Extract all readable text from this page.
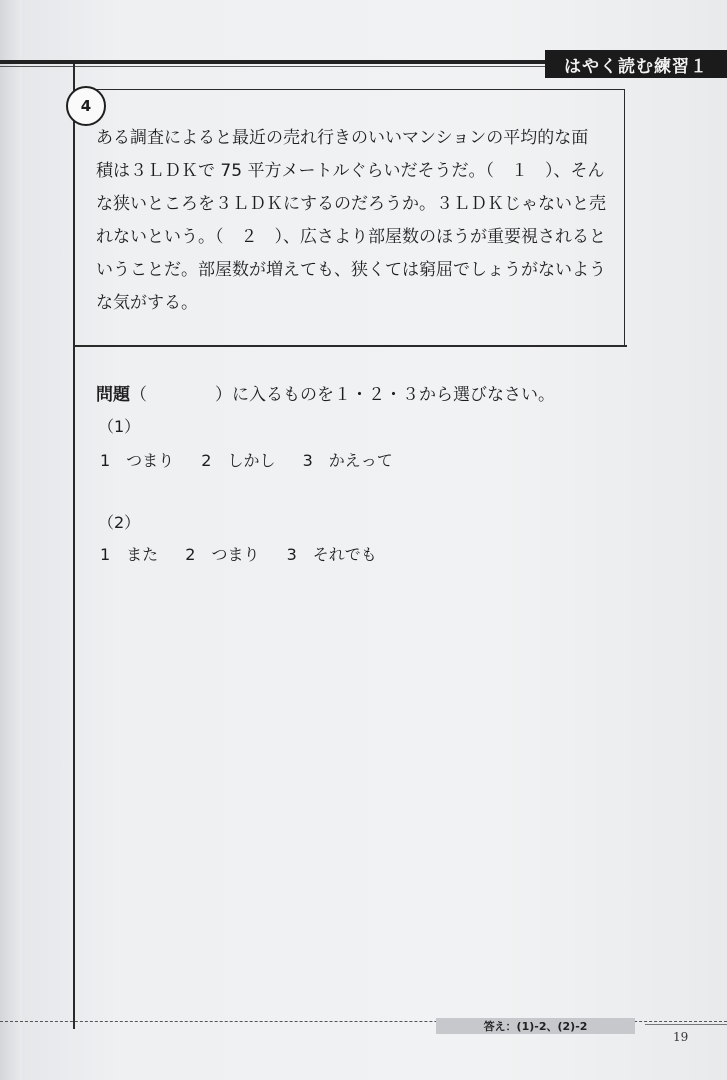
はやく読む練習１
4

ある調査によると最近の売れ行きのいいマンションの平均的な面

積は３ＬＤＫで 75 平方メートルぐらいだそうだ。（　１　）、そん

な狭いところを３ＬＤＫにするのだろうか。３ＬＤＫじゃないと売

れないという。（　２　）、広さより部屋数のほうが重要視されると

いうことだ。部屋数が増えても、狭くては窮屈でしょうがないよう

な気がする。

問題（　　　　）に入るものを１・２・３から選びなさい。
（1）
1　つまり 2　しかし 3　かえって
（2）
1　また 2　つまり 3　それでも
答え：(1)-2、(2)-2
19
